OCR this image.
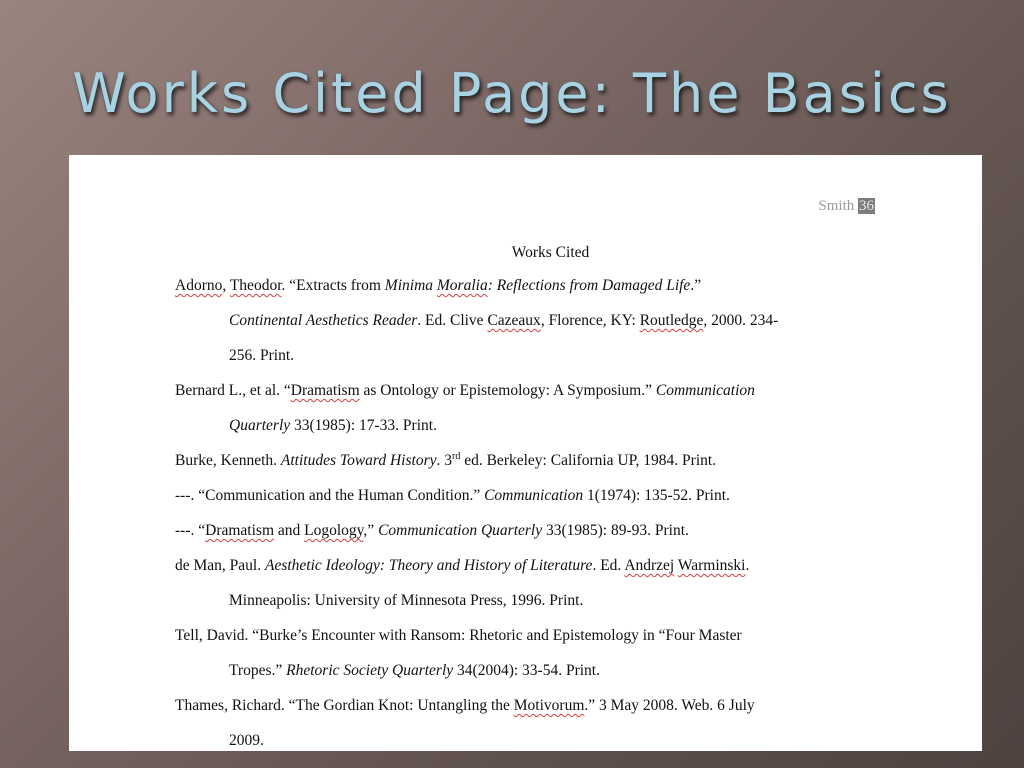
Works Cited Page: The Basics
Smith 36
Works Cited
Adorno, Theodor. “Extracts from Minima Moralia: Reflections from Damaged Life.”
Continental Aesthetics Reader. Ed. Clive Cazeaux, Florence, KY: Routledge, 2000. 234-
256. Print.
Bernard L., et al. “Dramatism as Ontology or Epistemology: A Symposium.” Communication
Quarterly 33(1985): 17-33. Print.
Burke, Kenneth. Attitudes Toward History. 3rd ed. Berkeley: California UP, 1984. Print.
---. “Communication and the Human Condition.” Communication 1(1974): 135-52. Print.
---. “Dramatism and Logology,” Communication Quarterly 33(1985): 89-93. Print.
de Man, Paul. Aesthetic Ideology: Theory and History of Literature. Ed. Andrzej Warminski.
Minneapolis: University of Minnesota Press, 1996. Print.
Tell, David. “Burke’s Encounter with Ransom: Rhetoric and Epistemology in “Four Master
Tropes.” Rhetoric Society Quarterly 34(2004): 33-54. Print.
Thames, Richard. “The Gordian Knot: Untangling the Motivorum.” 3 May 2008. Web. 6 July
2009.
